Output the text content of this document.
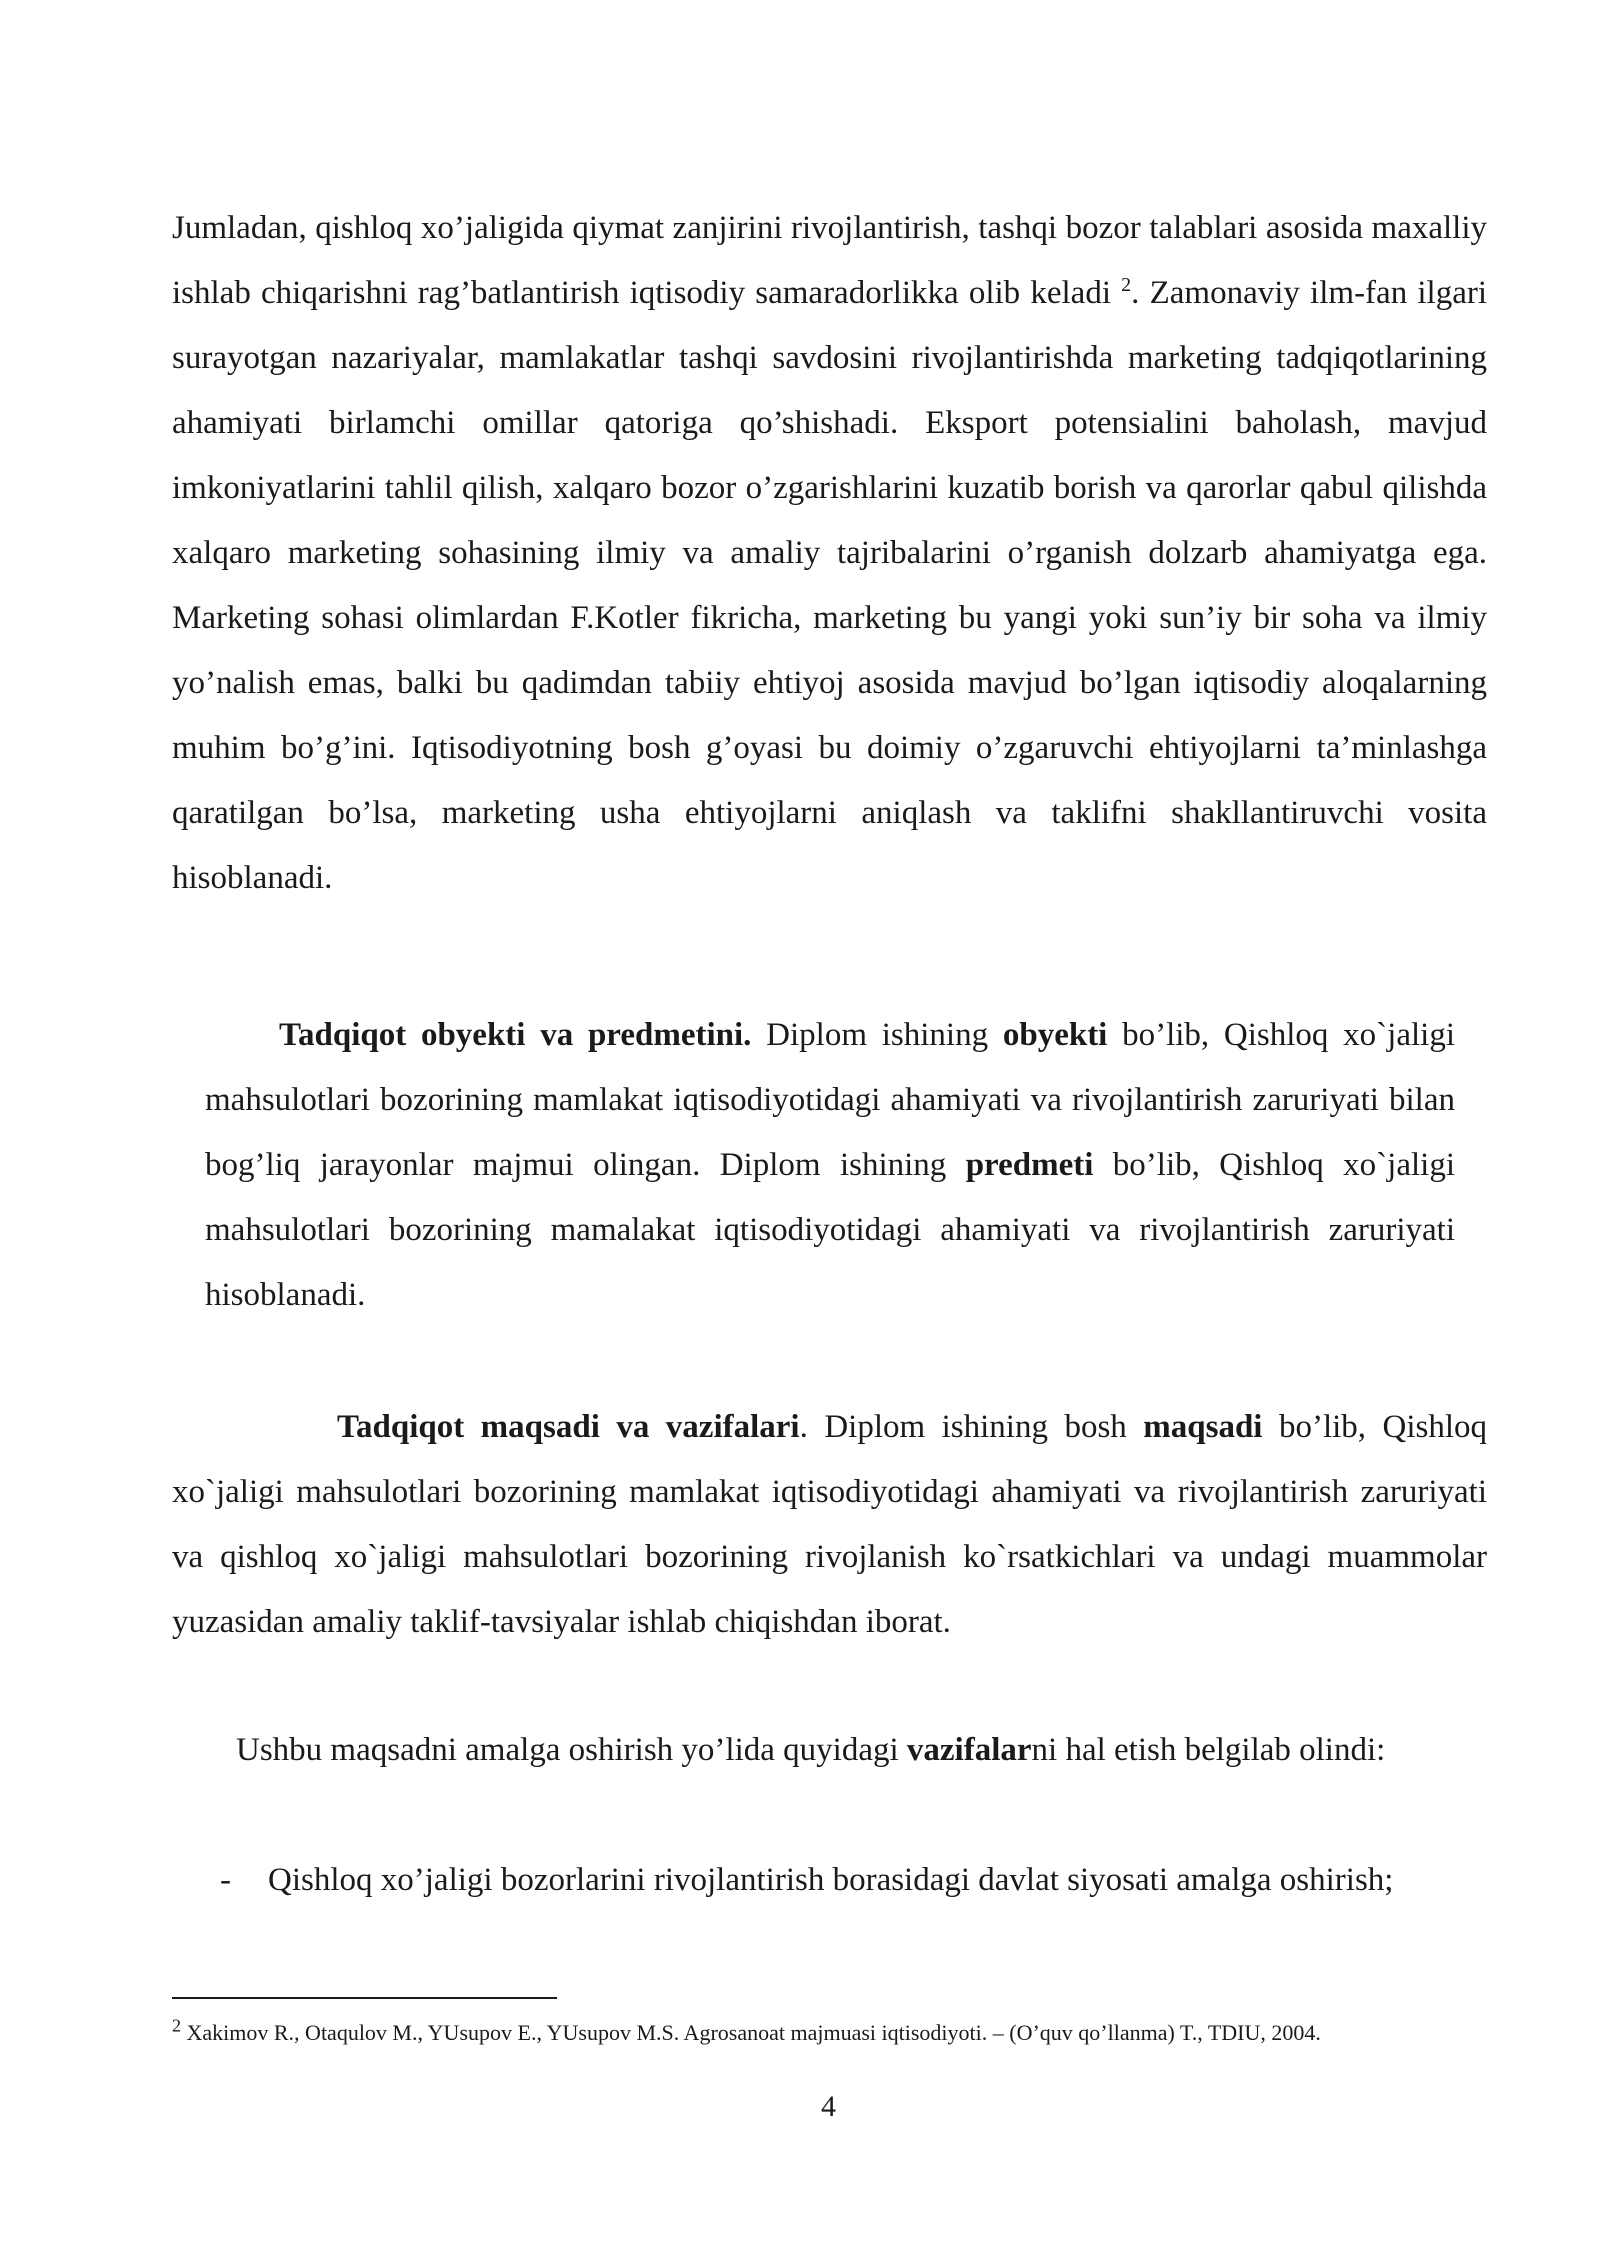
Jumladan, qishloq xo’jaligida qiymat zanjirini rivojlantirish, tashqi bozor talablari asosida maxalliy ishlab chiqarishni rag’batlantirish iqtisodiy samaradorlikka olib keladi $^2$. Zamonaviy ilm-fan ilgari surayotgan nazariyalar, mamlakatlar tashqi savdosini rivojlantirishda marketing tadqiqotlarining ahamiyati birlamchi omillar qatoriga qo’shishadi. Eksport potensialini baholash, mavjud imkoniyatlarini tahlil qilish, xalqaro bozor o’zgarishlarini kuzatib borish va qarorlar qabul qilishda xalqaro marketing sohasining ilmiy va amaliy tajribalarini o’rganish dolzarb ahamiyatga ega. Marketing sohasi olimlardan F.Kotler fikricha, marketing bu yangi yoki sun’iy bir soha va ilmiy yo’nalish emas, balki bu qadimdan tabiiy ehtiyoj asosida mavjud bo’lgan iqtisodiy aloqalarning muhim bo’g’ini. Iqtisodiyotning bosh g’oyasi bu doimiy o’zgaruvchi ehtiyojlarni ta’minlashga qaratilgan bo’lsa, marketing usha ehtiyojlarni aniqlash va taklifni shakllantiruvchi vosita hisoblanadi.

Tadqiqot obyekti va predmetini. Diplom ishining obyekti bo’lib, Qishloq xo`jaligi mahsulotlari bozorining mamlakat iqtisodiyotidagi ahamiyati va rivojlantirish zaruriyati bilan bog’liq jarayonlar majmui olingan. Diplom ishining predmeti bo’lib, Qishloq xo`jaligi mahsulotlari bozorining mamalakat iqtisodiyotidagi ahamiyati va rivojlantirish zaruriyati hisoblanadi.

Tadqiqot maqsadi va vazifalari. Diplom ishining bosh maqsadi bo’lib, Qishloq xo`jaligi mahsulotlari bozorining mamlakat iqtisodiyotidagi ahamiyati va rivojlantirish zaruriyati va qishloq xo`jaligi mahsulotlari bozorining rivojlanish ko`rsatkichlari va undagi muammolar yuzasidan amaliy taklif-tavsiyalar ishlab chiqishdan iborat.

Ushbu maqsadni amalga oshirish yo’lida quyidagi vazifalarni hal etish belgilab olindi:

- Qishloq xo’jaligi bozorlarini rivojlantirish borasidagi davlat siyosati amalga oshirish;
$^2$ Xakimov R., Otaqulov M., YUsupov E., YUsupov M.S. Agrosanoat majmuasi iqtisodiyoti. – (O’quv qo’llanma) T., TDIU, 2004.
4
